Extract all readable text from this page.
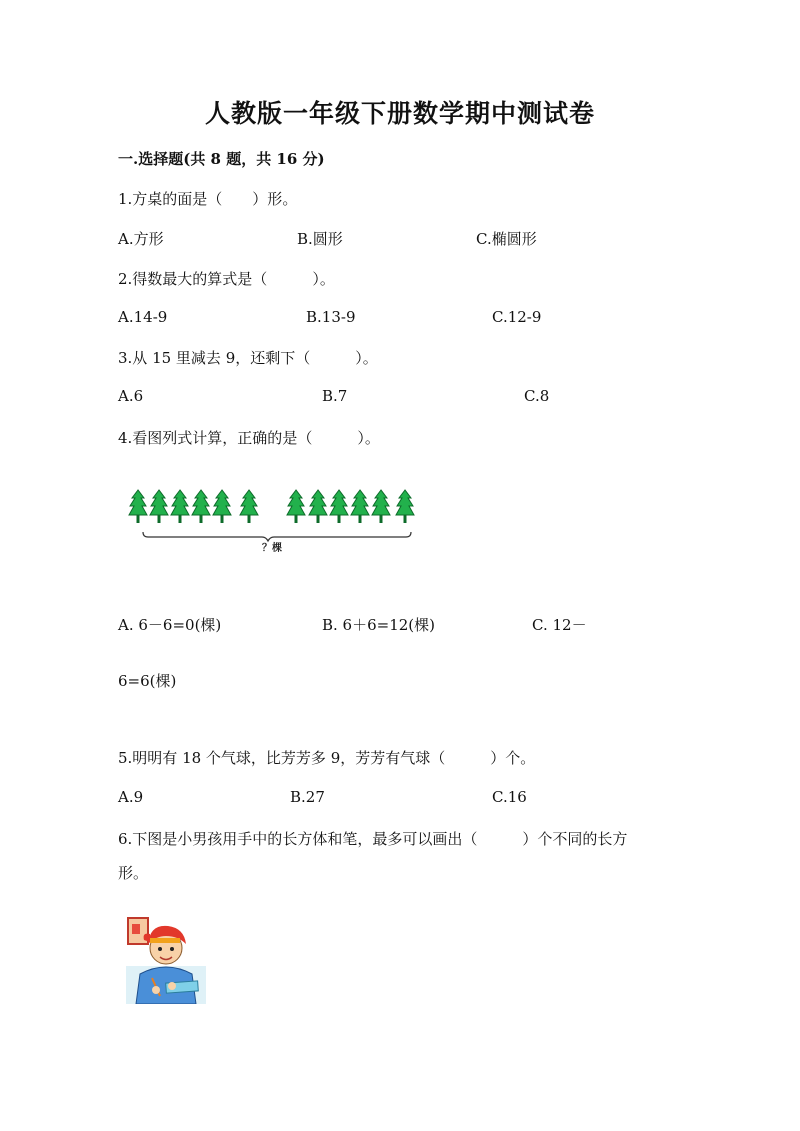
人教版一年级下册数学期中测试卷
一.选择题(共 8 题，共 16 分)
1.方桌的面是（　　）形。
A.方形	B.圆形	C.椭圆形
2.得数最大的算式是（　　　）。
A.14-9	B.13-9	C.12-9
3.从 15 里减去 9，还剩下（　　　）。
A.6	B.7	C.8
4.看图列式计算，正确的是（　　　）。
？棵
A. 6－6=0(棵)	B. 6＋6=12(棵)	C. 12－
6=6(棵)
5.明明有 18 个气球，比芳芳多 9，芳芳有气球（　　　）个。
A.9	B.27	C.16
6.下图是小男孩用手中的长方体和笔，最多可以画出（　　　）个不同的长方
形。
